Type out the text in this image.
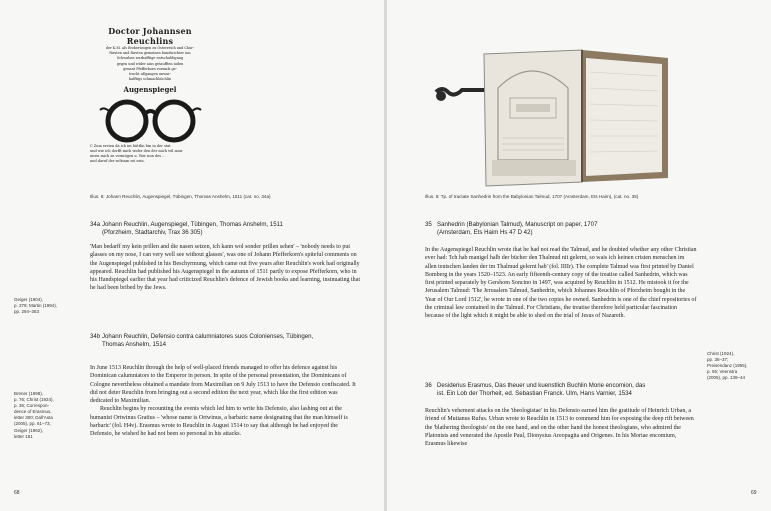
Doctor Johannsen Reuchlins
der K.M. als Erzhertzogen zu Osterreich und Chur-
fürsten und fürsten gemeinen bundsrichter inn
Schwaben warhafftige entschuldigung
gegen und wider ains getaufften iuden
genant Pfefferkorn vormals ge-
truckt ußgangen unwar-
hafftigs schmachbüchlin
Augenspiegel
C Zum ersten da ich im hüttlin bin in der stat
und wie ich dorfft mich wider den der mich wil mon-
uiren mich zu vermügen u. Wer nun des ...
und daruf der seltsam sei sein.
Illus. 8: Johann Reuchlin, Augenspiegel, Tübingen, Thomas Anshelm, 1511 (cat. no. 34a)
34a Johann Reuchlin, Augenspiegel, Tübingen, Thomas Anshelm, 1511
(Pforzheim, Stadtarchiv, Trax 36 305)

'Man bedarff my kein prillen and die nasen setzen, ich kann wol sonder prillen sehen' – 'nobody needs to put glasses on my nose, I can very well see without glasses', was one of Johann Pfefferkorn's spiteful comments on the Augenspiegel published in his Beschyrmung, which came out five years after Reuchlin's work had originally appeared. Reuchlin had published his Augenspiegel in the autumn of 1511 partly to expose Pfefferkorn, who in his Handspiegel earlier that year had criticized Reuchlin's defence of Jewish books and learning, insinuating that he had been bribed by the Jews.

Geiger (1904),
p. 378; Martin (1994),
pp. 294–353
34b Johann Reuchlin, Defensio contra calumniatores suos Colonienses, Tübingen,
Thomas Anshelm, 1514

In June 1513 Reuchlin through the help of well-placed friends managed to offer his defence against his Dominican calumniators to the Emperor in person. In spite of the personal presentation, the Dominicans of Cologne nevertheless obtained a mandate from Maximilian on 9 July 1513 to have the Defensio confiscated. It did not deter Reuchlin from bringing out a second edition the next year, which like the first edition was dedicated to Maximilian.

Reuchlin begins by recounting the events which led him to write his Defensio, also lashing out at the humanist Ortwinus Gratius – 'whose name is Ortwinus, a barbaric name designating that the man himself is barbaric' (fol. H4v). Erasmus wrote to Reuchlin in August 1514 to say that although he had enjoyed the Defensio, he wished he had not been so personal in his attacks.

Brener (1998),
p. 76; Christ (1924),
p. 36; Correspon-
dence of Erasmus,
letter 300; Dall'Asta
(2005), pp. 61–73;
Geiger (1962),
letter 161
68
Illus. 9: Tp. of tractate Sanhedrin from the Babylonian Talmud, 1707 (Amsterdam, Ets Haim), (cat. no. 35)
35 Sanhedrin (Babylonian Talmud), Manuscript on paper, 1707
(Amsterdam, Ets Haim Hs 47 D 42)

In the Augenspiegel Reuchlin wrote that he had not read the Talmud, and he doubted whether any other Christian ever had: 'Ich hab manigel halb der bücher den Thalmud nit gelernt, so wais ich keinen cristen menschen im allen teutschen landen der im Thalmud gelernt hab' (fol. IIIIr). The complete Talmud was first printed by Daniel Bomberg in the years 1520–1523. An early fifteenth-century copy of the treatise called Sanhedrin, which was first printed separately by Gershom Soncino in 1497, was acquired by Reuchlin in 1512. He mistook it for the Jerusalem Talmud: 'The Jerusalem Talmud, Sanhedrin, which Johannes Reuchlin of Pforzheim bought in the Year of Our Lord 1512', he wrote in one of the two copies he owned. Sanhedrin is one of the chief repositories of the criminal law contained in the Talmud. For Christians, the treatise therefore held particular fascination because of the light which it might be able to shed on the trial of Jesus of Nazareth.

Christ (1924),
pp. 36–37;
Preisendanz (1955),
p. 55; Veenstra
(2005), pp. 139–44
36 Desiderius Erasmus, Das theuer und kuenstlich Buchlin Morie encomion, das
ist. Ein Lob der Thorheit, ed. Sebastian Franck. Ulm, Hans Varnier, 1534

Reuchlin's vehement attacks on the 'theologistae' in his Defensio earned him the gratitude of Heinrich Urban, a friend of Mutianus Rufus. Urban wrote to Reuchlin in 1513 to commend him for exposing the deep rift between the 'blathering theologists' on the one hand, and on the other hand the honest theologians, who admired the Platonists and venerated the Apostle Paul, Dionysius Areopagita and Origenes. In his Moriae encomium, Erasmus likewise

69
